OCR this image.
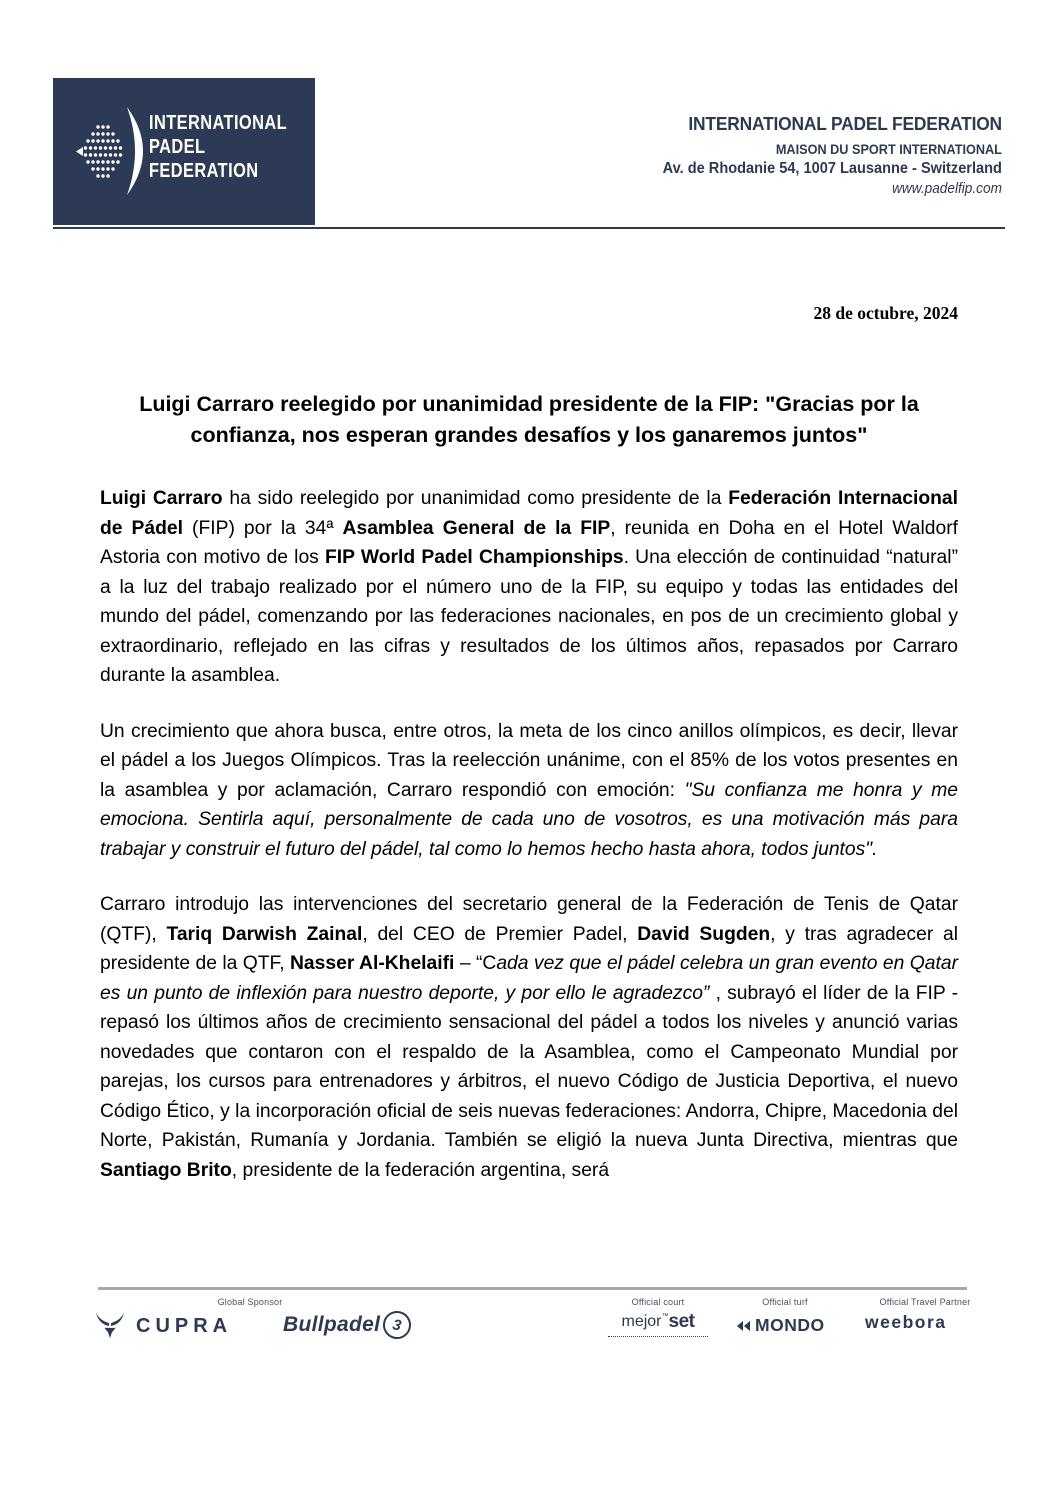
INTERNATIONAL
PADEL
FEDERATION
INTERNATIONAL PADEL FEDERATION
MAISON DU SPORT INTERNATIONAL
Av. de Rhodanie 54, 1007 Lausanne - Switzerland
www.padelfip.com
28 de octubre, 2024
Luigi Carraro reelegido por unanimidad presidente de la FIP: "Gracias por la confianza, nos esperan grandes desafíos y los ganaremos juntos"

Luigi Carraro ha sido reelegido por unanimidad como presidente de la Federación Internacional de Pádel (FIP) por la 34ª Asamblea General de la FIP, reunida en Doha en el Hotel Waldorf Astoria con motivo de los FIP World Padel Championships. Una elección de continuidad “natural” a la luz del trabajo realizado por el número uno de la FIP, su equipo y todas las entidades del mundo del pádel, comenzando por las federaciones nacionales, en pos de un crecimiento global y extraordinario, reflejado en las cifras y resultados de los últimos años, repasados por Carraro durante la asamblea.

Un crecimiento que ahora busca, entre otros, la meta de los cinco anillos olímpicos, es decir, llevar el pádel a los Juegos Olímpicos. Tras la reelección unánime, con el 85% de los votos presentes en la asamblea y por aclamación, Carraro respondió con emoción: "Su confianza me honra y me emociona. Sentirla aquí, personalmente de cada uno de vosotros, es una motivación más para trabajar y construir el futuro del pádel, tal como lo hemos hecho hasta ahora, todos juntos".

Carraro introdujo las intervenciones del secretario general de la Federación de Tenis de Qatar (QTF), Tariq Darwish Zainal, del CEO de Premier Padel, David Sugden, y tras agradecer al presidente de la QTF, Nasser Al-Khelaifi – “Cada vez que el pádel celebra un gran evento en Qatar es un punto de inflexión para nuestro deporte, y por ello le agradezco” , subrayó el líder de la FIP - repasó los últimos años de crecimiento sensacional del pádel a todos los niveles y anunció varias novedades que contaron con el respaldo de la Asamblea, como el Campeonato Mundial por parejas, los cursos para entrenadores y árbitros, el nuevo Código de Justicia Deportiva, el nuevo Código Ético, y la incorporación oficial de seis nuevas federaciones: Andorra, Chipre, Macedonia del Norte, Pakistán, Rumanía y Jordania. También se eligió la nueva Junta Directiva, mientras que Santiago Brito, presidente de la federación argentina, será

Global Sponsor	Official court	Official turf	Official Travel Partner
CUPRA Bullpadel 3	mejor ™ set	MONDO weebora
